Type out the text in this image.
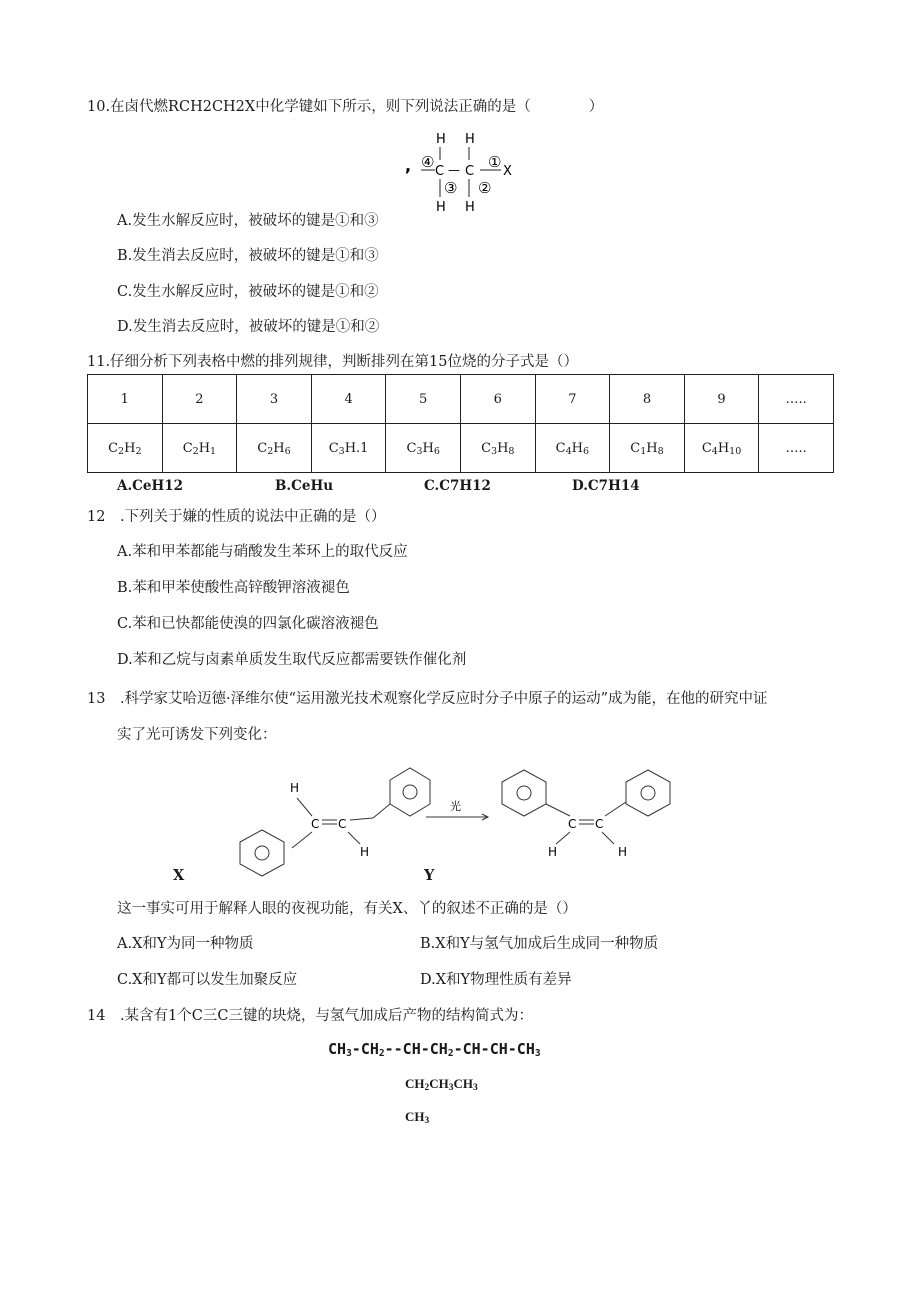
10.在卤代燃RCH2CH2X中化学键如下所示，则下列说法正确的是（　　　　）
,
H H
④
C — C
①
X
③ ②
H H
A.发生水解反应时，被破坏的键是①和③
B.发生消去反应时，被破坏的键是①和③
C.发生水解反应时，被破坏的键是①和②
D.发生消去反应时，被破坏的键是①和②
11.仔细分析下列表格中燃的排列规律，判断排列在第15位烧的分子式是（）
1	2	3	4	5	6	7	8	9	…..
$C_2H_2$	$C_2H_1$	$C_2H_6$	$C_3H.1$	$C_3H_6$	$C_3H_8$	$C_4H_6$	$C_1H_8$	$C_4H_{10}$	…..
A.CeH12	B.CeHu	C.C7H12	D.C7H14
12　.下列关于嫌的性质的说法中正确的是（）
A.苯和甲苯都能与硝酸发生苯环上的取代反应
B.苯和甲苯使酸性高锌酸钾溶液褪色
C.苯和已快都能使溴的四氯化碳溶液褪色
D.苯和乙烷与卤素单质发生取代反应都需要铁作催化剂
13　.科学家艾哈迈德·泽维尔使“运用激光技术观察化学反应时分子中原子的运动”成为能，在他的研究中证
实了光可诱发下列变化：
H
C C
H
光
C C
H	H
X	Y
这一事实可用于解释人眼的夜视功能，有关X、丫的叙述不正确的是（）
A.X和Y为同一种物质	B.X和Y与氢气加成后生成同一种物质
C.X和Y都可以发生加聚反应	D.X和Y物理性质有差异
14　.某含有1个C三C三键的块烧，与氢气加成后产物的结构简式为：
$CH_3-CH_2--CH-CH_2-CH-CH-CH_3$
$CH_2CH_3CH_3$
$CH_3$
